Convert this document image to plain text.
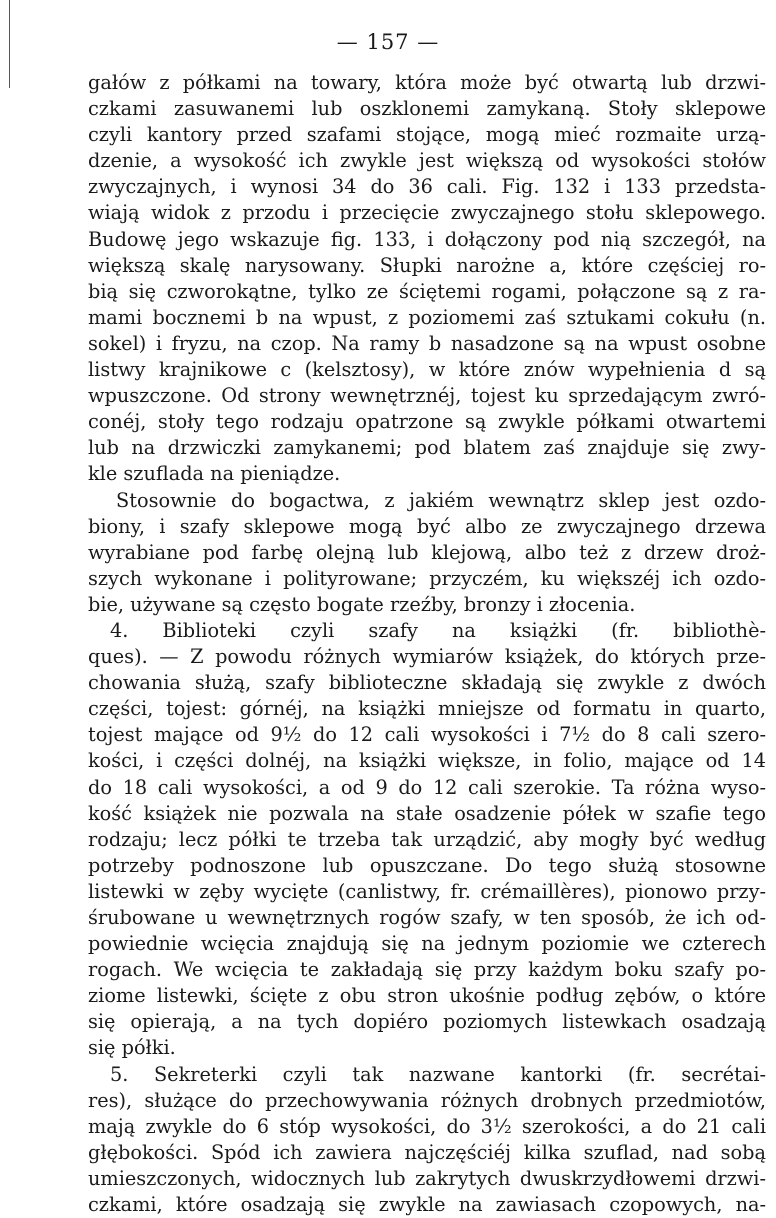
— 157 —
gałów z półkami na towary, która może być otwartą lub drzwi-
czkami zasuwanemi lub oszklonemi zamykaną. Stoły sklepowe
czyli kantory przed szafami stojące, mogą mieć rozmaite urzą-
dzenie, a wysokość ich zwykle jest większą od wysokości stołów
zwyczajnych, i wynosi 34 do 36 cali. Fig. 132 i 133 przedsta-
wiają widok z przodu i przecięcie zwyczajnego stołu sklepowego.
Budowę jego wskazuje fig. 133, i dołączony pod nią szczegół, na
większą skalę narysowany. Słupki narożne a, które częściej ro-
bią się czworokątne, tylko ze ściętemi rogami, połączone są z ra-
mami bocznemi b na wpust, z poziomemi zaś sztukami cokułu (n.
sokel) i fryzu, na czop. Na ramy b nasadzone są na wpust osobne
listwy krajnikowe c (kelsztosy), w które znów wypełnienia d są
wpuszczone. Od strony wewnętrznéj, tojest ku sprzedającym zwró-
conéj, stoły tego rodzaju opatrzone są zwykle półkami otwartemi
lub na drzwiczki zamykanemi; pod blatem zaś znajduje się zwy-
kle szuflada na pieniądze.
Stosownie do bogactwa, z jakiém wewnątrz sklep jest ozdo-
biony, i szafy sklepowe mogą być albo ze zwyczajnego drzewa
wyrabiane pod farbę olejną lub klejową, albo też z drzew droż-
szych wykonane i polityrowane; przyczém, ku większéj ich ozdo-
bie, używane są często bogate rzeźby, bronzy i złocenia.
4. Biblioteki czyli szafy na książki (fr. bibliothè-
ques). — Z powodu różnych wymiarów książek, do których prze-
chowania służą, szafy biblioteczne składają się zwykle z dwóch
części, tojest: górnéj, na książki mniejsze od formatu in quarto,
tojest mające od 9½ do 12 cali wysokości i 7½ do 8 cali szero-
kości, i części dolnéj, na książki większe, in folio, mające od 14
do 18 cali wysokości, a od 9 do 12 cali szerokie. Ta różna wyso-
kość książek nie pozwala na stałe osadzenie półek w szafie tego
rodzaju; lecz półki te trzeba tak urządzić, aby mogły być według
potrzeby podnoszone lub opuszczane. Do tego służą stosowne
listewki w zęby wycięte (canlistwy, fr. crémaillères), pionowo przy-
śrubowane u wewnętrznych rogów szafy, w ten sposób, że ich od-
powiednie wcięcia znajdują się na jednym poziomie we czterech
rogach. We wcięcia te zakładają się przy każdym boku szafy po-
ziome listewki, ścięte z obu stron ukośnie podług zębów, o które
się opierają, a na tych dopiéro poziomych listewkach osadzają
się półki.
5. Sekreterki czyli tak nazwane kantorki (fr. secrétai-
res), służące do przechowywania różnych drobnych przedmiotów,
mają zwykle do 6 stóp wysokości, do 3½ szerokości, a do 21 cali
głębokości. Spód ich zawiera najczęściéj kilka szuflad, nad sobą
umieszczonych, widocznych lub zakrytych dwuskrzydłowemi drzwi-
czkami, które osadzają się zwykle na zawiasach czopowych, na-
